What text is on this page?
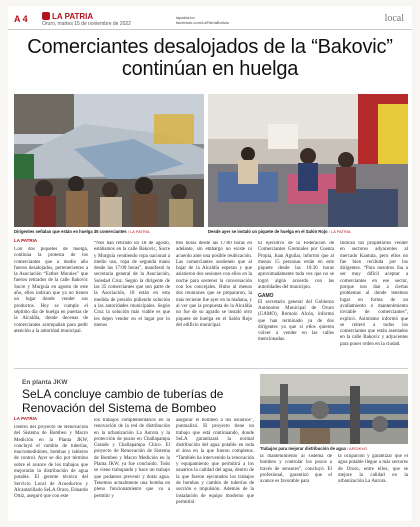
A 4	LA PATRIA
Oruro, martes 15 de noviembre de 2022
lapatria.bo
facebook.com/LaPatriaBolivia	local
Comerciantes desalojados de la “Bakovic” continúan en huelga
Dirigentes señalan que están en huelga 35 comerciantes / LA PATRIA	Desde ayer se instaló un piquete de huelga en el Salón Rojo / LA PATRIA
LA PATRIA
Con dos piquetes de huelga, continúa la protesta de los comerciantes que a medio año fueron desalojados, pertenecientes a la Asociación “Esther Morales” que fueron retirados de la calle Bakovic Sucre y Murguía en agosto de este año, ellos indican que ya no tienen un lugar donde vender sus productos. Hoy se cumple el séptimo día de huelga en puertas de la Alcaldía, donde decenas de comerciantes acompañan para pedir atención a la autoridad municipal.
“Nos han retirado un 18 de agosto, estábamos en la calle Bakovic, Sucre y Murguía vendiendo ropa nacional a medio uso, ropa de segunda mano desde las 17:00 horas”, manifestó la secretaria general de la Asociación, Soledad Cruz. Según la dirigente de las 35 comerciantes que son parte de la Asociación, 18 están en esta medida de presión pidiendo solución a las autoridades municipales. Según Cruz la solución más viable es que les dejen vender en el lugar por lo menos
tres horas desde las 17:00 horas en adelante, sin embargo no existe ni acuerdo ante una posible reubicación. Las comerciantes sostienen que al bajar de la Alcaldía esperan y que asistieron dos sesiones con ellos en la noche para sostener la conversación con los concejales. Hubo al menos dos reuniones que se prepararon, la más reciente fue ayer en la mañana, y al ver que la propuesta de la Alcaldía no fue de su agrado se instaló otro piquete de huelga en el Salón Rojo del edificio municipal.
El ejecutivo de la Federación de Comerciantes Gremiales por Cuenta Propia, Juan Aguilar, informó que al menos 15 personas están en este piquete desde las 10:30 horas aproximadamente toda vez que no se logró algún acuerdo con las autoridades del municipio.
GAMO
El secretario general del Gobierno Autónomo Municipal de Oruro (GAMO), Romolo Alcón, informó que han terminado ya de dos dirigentes ya que si ellos quieren volver a vender en las calles mencionadas.
Indican los propietarios vender en sectores adyacentes al mercado Kantuta, pero ellos no fue bien recibida por los dirigentes. “Para nosotros iba a ser muy difícil aceptar a comerciantes en ese sector, porque nos dan a ciertas problemas al donde tenemos lugar en forma de un avallamiento o mantenimiento inviable de comerciantes”, explicó. Asimismo informó que se reiteró a todos los comerciantes que están asentados en la calle Bakovic y adyacentes para poner orden en la ciudad.
En planta JKW
SeLA concluye cambio de tuberías de Renovación del Sistema de Bombeo
Trabajos para mejorar distribución de agua / ARCHIVO
LA PATRIA
Dentro del proyecto de Renovación del Sistema de Bombeo y Macro Medición en la Planta JKW, concluyó el cambio de tuberías, macromedidores, bombas y tableros de control. Ayer se dio por término sobre el avance de los trabajos que mejorarán la distribución de agua potable. El gerente técnico del Servicio Local de Acueductos y Alcantarillado SeLA Oruro, Eduardo Ortiz, aseguró que con este
los trabajos complementarios en la renovación de la red de distribución en la urbanización La Aurora y la protección de pozos en Challapampa Grande y Challapampa Chico. El proyecto de Renovación de Sistema de Bombeo y Macro Medición en la Planta JKW, ya fue concluido. Todo se viene trabajando y hace un trabajo que podamos prevenir y dotar agua. Tenemos actualmente una bomba en pleno funcionamiento que va a permitir y
asegurar el bombeo a los usuarios”, puntualizó. El proyecto tiene un trabajo que está continuando, donde SeLA garantizará la normal distribución del agua potable en toda el área en la que fueron completos. “También ha intervenido la renovación y equipamiento que permitirá a los usuarios la calidad del agua, dentro de la que fueron ejecutados los trabajos de bombas y cambio de tuberías de succión e impulsión. Además de la instalación de equipo moderno que permitirá
la mantenimiento al sistema de bombeo y controlar los pozos a través de sensores”, concluyó. El profesional, garantizó que el avance es favorable para
la ocupación y garantizar que el agua potable llegue a más sectores de Oruro, entre ellos, que se mejore la calidad en la urbanización La Aurora.
